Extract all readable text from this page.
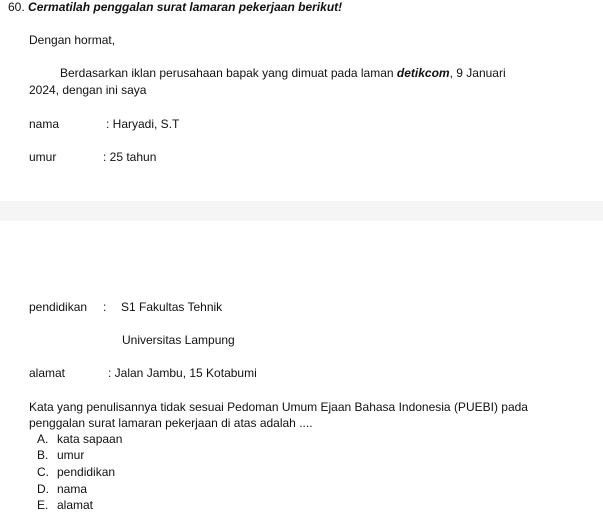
60. Cermatilah penggalan surat lamaran pekerjaan berikut!
Dengan hormat,
Berdasarkan iklan perusahaan bapak yang dimuat pada laman detikcom, 9 Januari
2024, dengan ini saya
nama	: Haryadi, S.T
umur	: 25 tahun
pendidikan : S1 Fakultas Tehnik
Universitas Lampung
alamat	: Jalan Jambu, 15 Kotabumi
Kata yang penulisannya tidak sesuai Pedoman Umum Ejaan Bahasa Indonesia (PUEBI) pada
penggalan surat lamaran pekerjaan di atas adalah ....
A. kata sapaan
B. umur
C. pendidikan
D. nama
E. alamat
